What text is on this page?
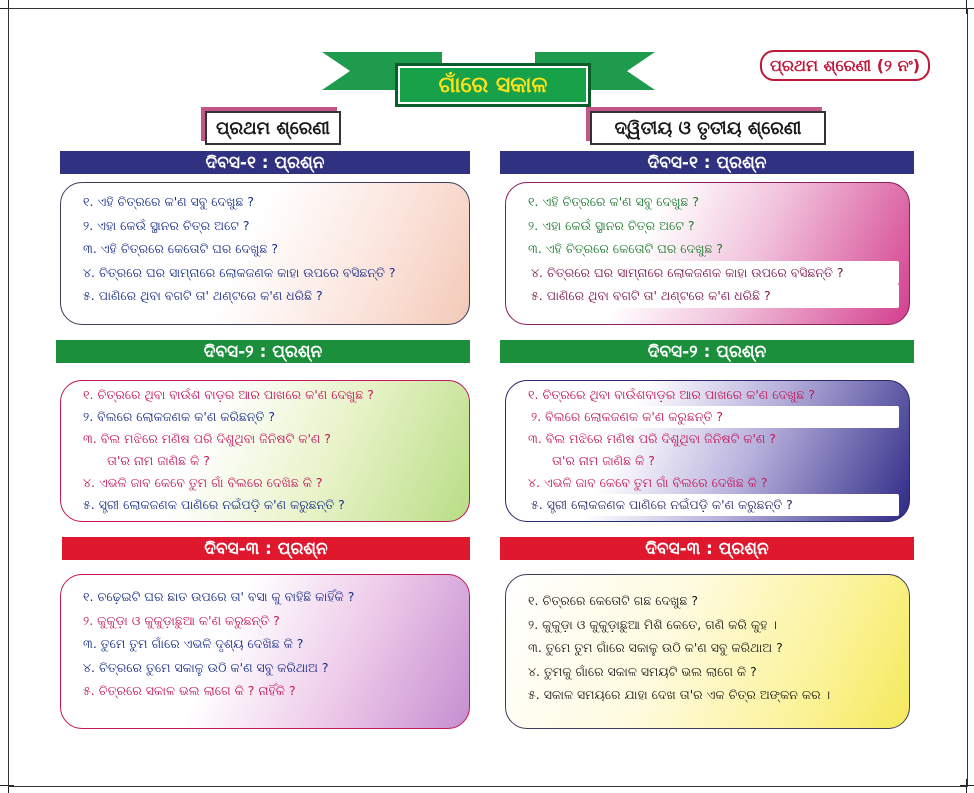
ଗାଁରେ ସକାଳ
ପ୍ରଥମ ଶ୍ରେଣୀ (୨ ନଂ)
ପ୍ରଥମ ଶ୍ରେଣୀ	ଦ୍ୱିତୀୟ ଓ ତୃତୀୟ ଶ୍ରେଣୀ
ଦିବସ-୧ : ପ୍ରଶ୍ନ
୧. ଏହି ଚିତ୍ରରେ କ'ଣ ସବୁ ଦେଖୁଛ ?
୨. ଏହା କେଉଁ ସ୍ଥାନର ଚିତ୍ର ଅଟେ ?
୩. ଏହି ଚିତ୍ରରେ କେତୋଟି ଘର ଦେଖୁଛ ?
୪. ଚିତ୍ରରେ ଘର ସାମ୍ନାରେ ଲୋକଜଣକ କାହା ଉପରେ ବସିଛନ୍ତି ?
୫. ପାଣିରେ ଥିବା ବଗଟି ତା' ଥଣ୍ଟରେ କ'ଣ ଧରିଛି ?
ଦିବସ-୨ : ପ୍ରଶ୍ନ
୧. ଚିତ୍ରରେ ଥିବା ବାଉଁଶ ବାଡ଼ର ଆର ପାଖରେ କ'ଣ ଦେଖୁଛ ?
୨. ବିଲରେ ଲୋକଜଣକ କ'ଣ କରିଛନ୍ତି ?
୩. ବିଲ ମଝିରେ ମଣିଷ ପରି ଦିଶୁଥିବା ଜିନିଷଟି କ'ଣ ?
ତା'ର ନାମ ଜାଣିଛ କି ?
୪. ଏଭଳି ଜାବ କେବେ ତୁମ ଗାଁ ବିଲରେ ଦେଖିଛ କି ?
୫. ସ୍ତ୍ରୀ ଲୋକଜଣକ ପାଣିରେ ନଇଁପଡ଼ି କ'ଣ କରୁଛନ୍ତି ?
ଦିବସ-୩ : ପ୍ରଶ୍ନ
୧. ଚଢ଼େଇଟି ଘର ଛାତ ଉପରେ ତା' ବସା କୁ ବାହିଛି କାହିଁକି ?
୨. କୁକୁଡ଼ା ଓ କୁକୁଡ଼ାଛୁଆ କ'ଣ କରୁଛନ୍ତି ?
୩. ତୁମେ ତୁମ ଗାଁରେ ଏଭଳି ଦୃଶ୍ୟ ଦେଖିଛ କି ?
୪. ଚିତ୍ରରେ ତୁମେ ସକାଳୁ ଉଠି କ'ଣ ସବୁ କରିଥାଅ ?
୫. ଚିତ୍ରରେ ସକାଳ ଭଲ ଲାଗେ କି ? ନାହିଁକି ?
ଦିବସ-୧ : ପ୍ରଶ୍ନ
୧. ଏହି ଚିତ୍ରରେ କ'ଣ ସବୁ ଦେଖୁଛ ?
୨. ଏହା କେଉଁ ସ୍ଥାନର ଚିତ୍ର ଅଟେ ?
୩. ଏହି ଚିତ୍ରରେ କେତୋଟି ଘର ଦେଖୁଛ ?
୪. ଚିତ୍ରରେ ଘର ସାମ୍ନାରେ ଲୋକଜଣକ କାହା ଉପରେ ବସିଛନ୍ତି ?
୫. ପାଣିରେ ଥିବା ବଗଟି ତା' ଥଣ୍ଟରେ କ'ଣ ଧରିଛି ?
ଦିବସ-୨ : ପ୍ରଶ୍ନ
୧. ଚିତ୍ରରେ ଥିବା ବାଉଁଶବାଡ଼ର ଆର ପାଖରେ କ'ଣ ଦେଖୁଛ ?
୨. ବିଲରେ ଲୋକଜଣକ କ'ଣ କରୁଛନ୍ତି ?
୩. ବିଲ ମଝିରେ ମଣିଷ ପରି ଦିଶୁଥିବା ଜିନିଷଟି କ'ଣ ?
ତା'ର ନାମ ଜାଣିଛ କି ?
୪. ଏଭଳି ଜାବ କେବେ ତୁମ ଗାଁ ବିଲରେ ଦେଖିଛ କି ?
୫. ସ୍ତ୍ରୀ ଲୋକଜଣକ ପାଣିରେ ନଇଁପଡ଼ି କ'ଣ କରୁଛନ୍ତି ?
ଦିବସ-୩ : ପ୍ରଶ୍ନ
୧. ଚିତ୍ରରେ କେତୋଟି ଗଛ ଦେଖୁଛ ?
୨. କୁକୁଡ଼ା ଓ କୁକୁଡ଼ାଛୁଆ ମିଶି କେତେ, ଗଣି କରି କୁହ ।
୩. ତୁମେ ତୁମ ଗାଁରେ ସକାଳୁ ଉଠି କ'ଣ ସବୁ କରିଥାଅ ?
୪. ତୁମକୁ ଗାଁରେ ସକାଳ ସମୟଟି ଭଲ ଲାଗେ କି ?
୫. ସକାଳ ସମୟରେ ଯାହା ଦେଖ ତା'ର ଏକ ଚିତ୍ର ଅଙ୍କନ କର ।
